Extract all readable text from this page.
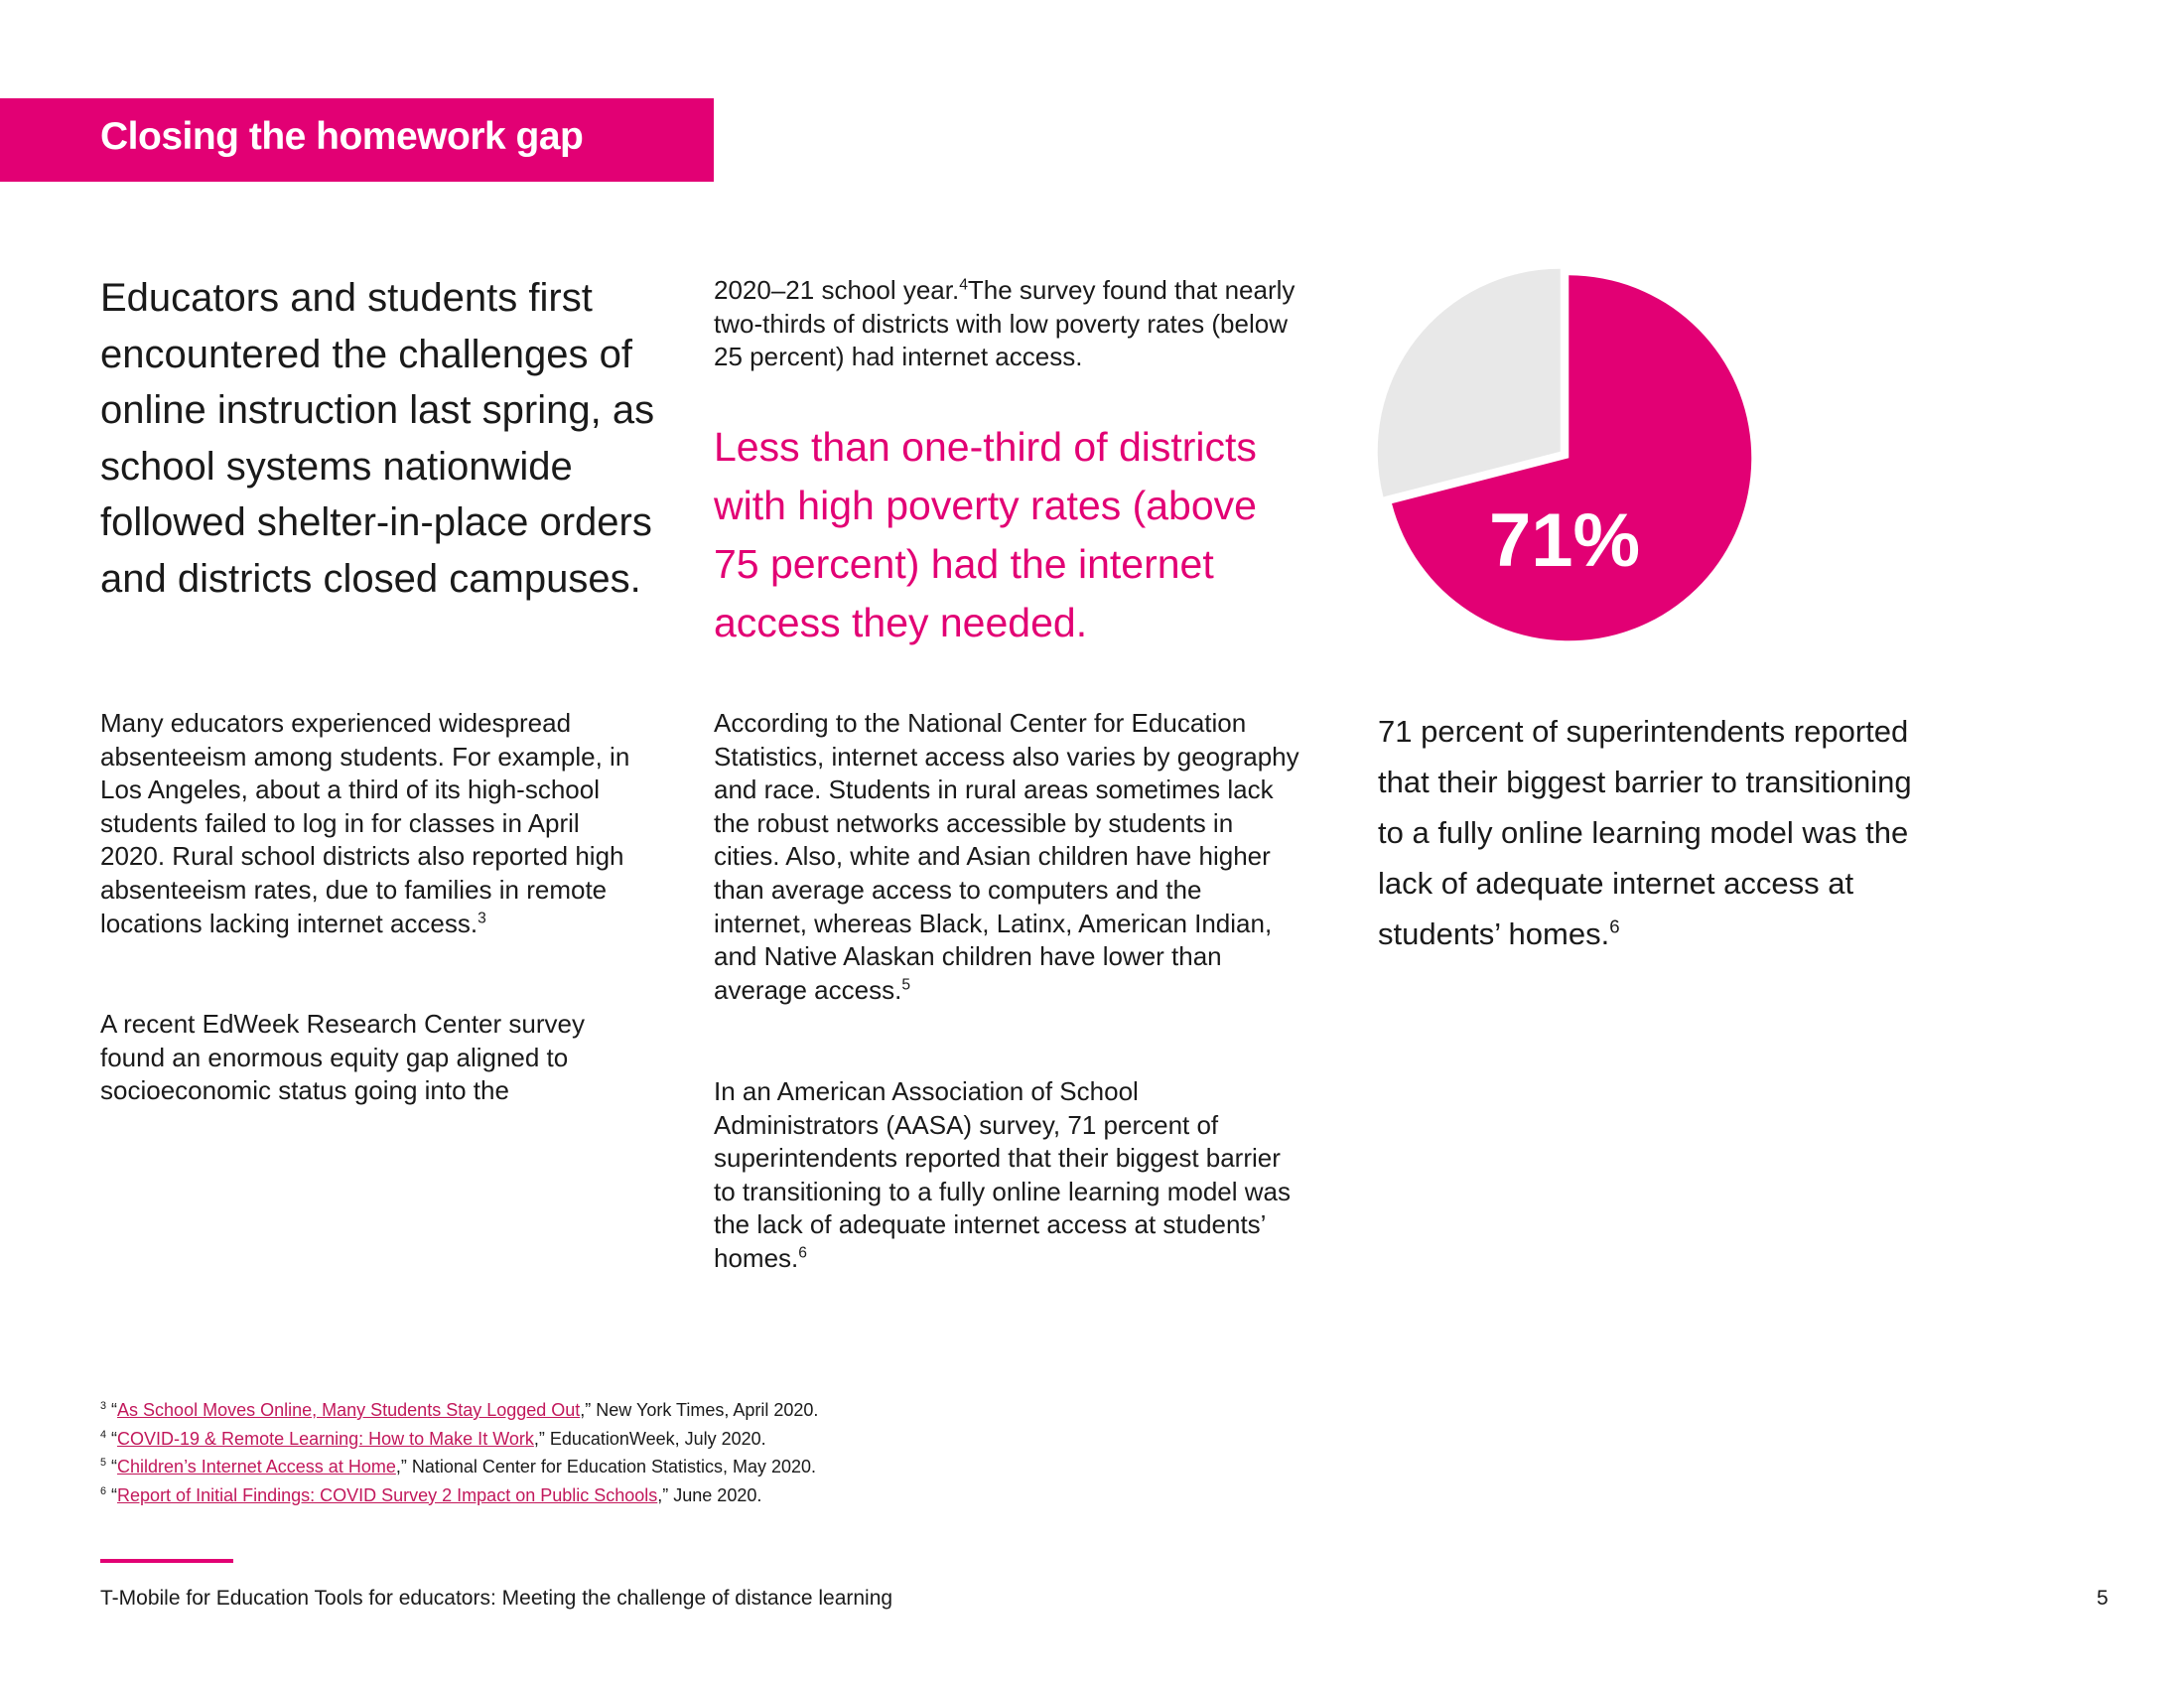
Closing the homework gap
Educators and students first encountered the challenges of online instruction last spring, as school systems nationwide followed shelter-in-place orders and districts closed campuses.

Many educators experienced widespread absenteeism among students. For example, in Los Angeles, about a third of its high-school students failed to log in for classes in April 2020. Rural school districts also reported high absenteeism rates, due to families in remote locations lacking internet access.$^3$

A recent EdWeek Research Center survey found an enormous equity gap aligned to socioeconomic status going into the

2020–21 school year.$^4$The survey found that nearly two-thirds of districts with low poverty rates (below 25 percent) had internet access.

Less than one-third of districts with high poverty rates (above 75 percent) had the internet access they needed.

According to the National Center for Education Statistics, internet access also varies by geography and race. Students in rural areas sometimes lack the robust networks accessible by students in cities. Also, white and Asian children have higher than average access to computers and the internet, whereas Black, Latinx, American Indian, and Native Alaskan children have lower than average access.$^5$

In an American Association of School Administrators (AASA) survey, 71 percent of superintendents reported that their biggest barrier to transitioning to a fully online learning model was the lack of adequate internet access at students’ homes.$^6$

71%
71 percent of superintendents reported that their biggest barrier to transitioning to a fully online learning model was the lack of adequate internet access at students’ homes.$^6$
$^3$ “As School Moves Online, Many Students Stay Logged Out,” New York Times, April 2020.
$^4$ “COVID-19 & Remote Learning: How to Make It Work,” EducationWeek, July 2020.
$^5$ “Children’s Internet Access at Home,” National Center for Education Statistics, May 2020.
$^6$ “Report of Initial Findings: COVID Survey 2 Impact on Public Schools,” June 2020.
T-Mobile for Education Tools for educators: Meeting the challenge of distance learning	5
